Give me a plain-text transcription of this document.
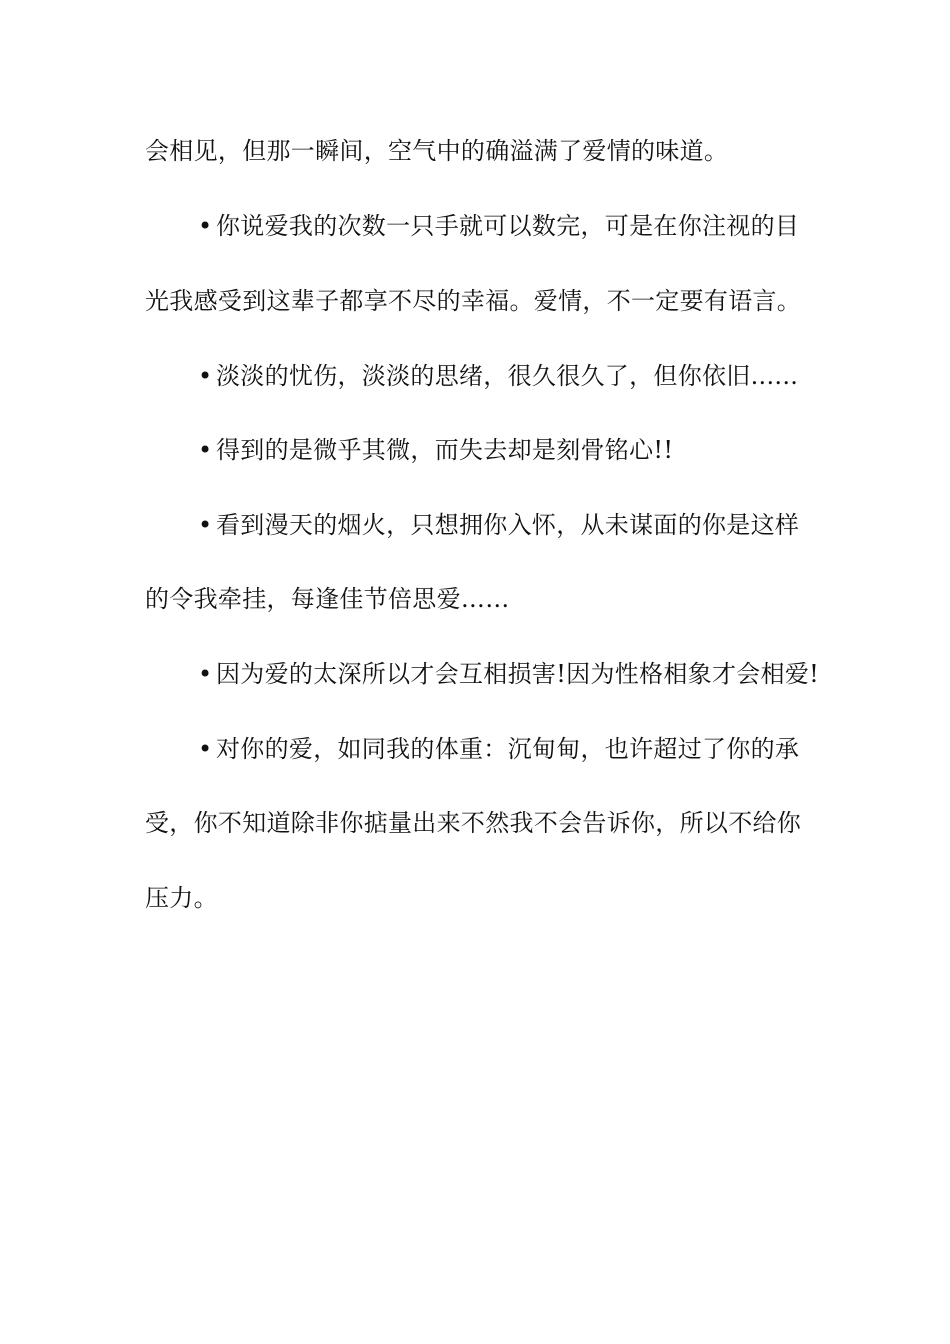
会相见，但那一瞬间，空气中的确溢满了爱情的味道。
• 你说爱我的次数一只手就可以数完，可是在你注视的目
光我感受到这辈子都享不尽的幸福。爱情，不一定要有语言。
• 淡淡的忧伤，淡淡的思绪，很久很久了，但你依旧......
• 得到的是微乎其微，而失去却是刻骨铭心!!
• 看到漫天的烟火，只想拥你入怀，从未谋面的你是这样
的令我牵挂，每逢佳节倍思爱……
• 因为爱的太深所以才会互相损害!因为性格相象才会相爱!
• 对你的爱，如同我的体重：沉甸甸，也许超过了你的承
受，你不知道除非你掂量出来不然我不会告诉你，所以不给你
压力。
